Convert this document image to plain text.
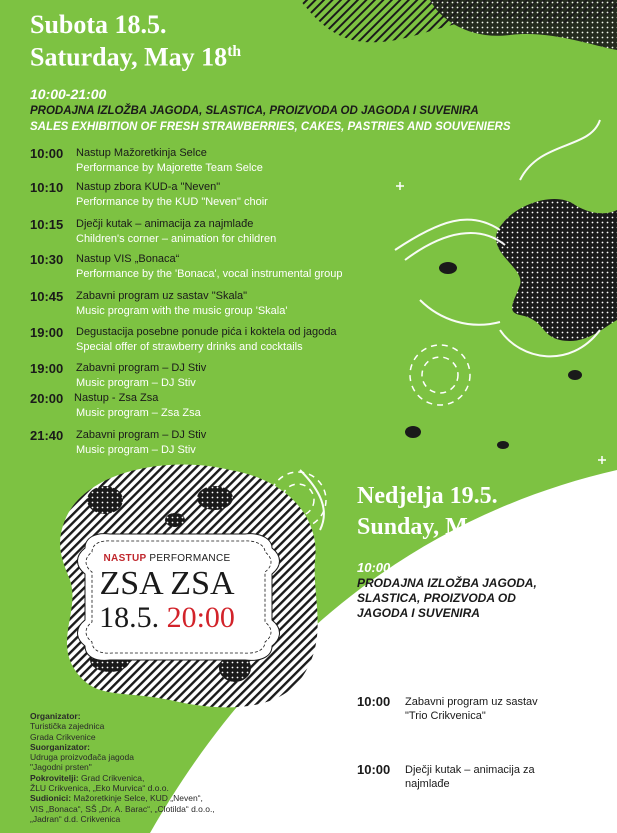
Subota 18.5.
Saturday, May 18th
10:00-21:00
PRODAJNA IZLOŽBA JAGODA, SLASTICA, PROIZVODA OD JAGODA I SUVENIRA
SALES EXHIBITION OF FRESH STRAWBERRIES, CAKES, PASTRIES AND SOUVENIERS
10:00	Nastup Mažoretkinja Selce
Performance by Majorette Team Selce
10:10	Nastup zbora KUD-a "Neven"
Performance by the KUD "Neven" choir
10:15	Dječji kutak – animacija za najmlađe
Children's corner – animation for children
10:30	Nastup VIS „Bonaca“
Performance by the 'Bonaca', vocal instrumental group
10:45	Zabavni program uz sastav "Skala"
Music program with the music group 'Skala'
19:00	Degustacija posebne ponude pića i koktela od jagoda
Special offer of strawberry drinks and cocktails
19:00	Zabavni program – DJ Stiv
Music program – DJ Stiv
20:00 Nastup - Zsa Zsa
Music program – Zsa Zsa
21:40	Zabavni program – DJ Stiv
Music program – DJ Stiv
NASTUP PERFORMANCE
ZSA ZSA
18.5. 20:00
Nedjelja 19.5.
Sunday, May 19th
10:00-18:00
PRODAJNA IZLOŽBA JAGODA,
SLASTICA, PROIZVODA OD
JAGODA I SUVENIRA
SALES EXHIBITION OF FRESH
STRAWBERRIES, CAKES, PASTRIES
AND SOUVENIERS
10:00 Zabavni program uz sastav
"Trio Crikvenica"
Music program with the music
group Trio Crikvenica
10:00 Dječji kutak – animacija za
najmlađe
Children's corner – animation
for children
Organizator:
Turistička zajednica
Grada Crikvenice
Suorganizator:
Udruga proizvođača jagoda
"Jagodni prsten"
Pokrovitelji: Grad Crikvenica,
ŽLU Crikvenica, „Eko Murvica“ d.o.o.
Sudionici: Mažoretkinje Selce, KUD „Neven“,
VIS „Bonaca“, SŠ „Dr. A. Barac“, „Clotilda“ d.o.o.,
„Jadran“ d.d. Crikvenica
